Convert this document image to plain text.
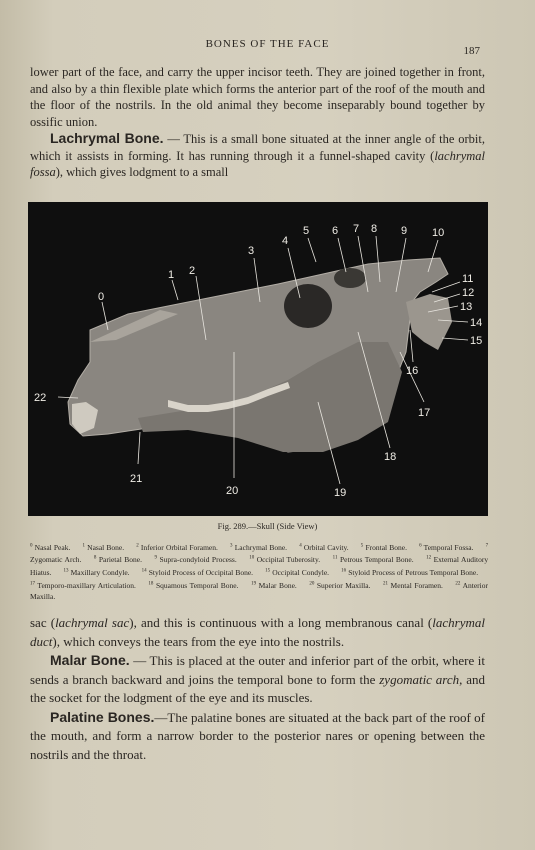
BONES OF THE FACE
187

lower part of the face, and carry the upper incisor teeth. They are joined together in front, and also by a thin flexible plate which forms the anterior part of the roof of the mouth and the floor of the nostrils. In the old animal they become inseparably bound together by ossific union.

Lachrymal Bone. — This is a small bone situated at the inner angle of the orbit, which it assists in forming. It has running through it a funnel-shaped cavity (lachrymal fossa), which gives lodgment to a small

0
1 2
3
4
5 6 7 8 9 10
11
12
13
14
15
16
17
18
19
20
21
22
Fig. 289.—Skull (Side View)
$^0$ Nasal Peak. $^1$ Nasal Bone. $^2$ Inferior Orbital Foramen. $^3$ Lachrymal Bone. $^4$ Orbital Cavity. $^5$ Frontal Bone. $^6$ Temporal Fossa. $^7$ Zygomatic Arch. $^8$ Parietal Bone. $^9$ Supra-condyloid Process. $^{10}$ Occipital Tuberosity. $^{11}$ Petrous Temporal Bone. $^{12}$ External Auditory Hiatus. $^{13}$ Maxillary Condyle. $^{14}$ Styloid Process of Occipital Bone. $^{15}$ Occipital Condyle. $^{16}$ Styloid Process of Petrous Temporal Bone. $^{17}$ Temporo-maxillary Articulation.	$^{18}$ Squamous Temporal Bone.	$^{19}$ Malar Bone.	$^{20}$ Superior Maxilla.	$^{21}$ Mental Foramen.	$^{22}$ Anterior Maxilla.

sac (lachrymal sac), and this is continuous with a long membranous canal (lachrymal duct), which conveys the tears from the eye into the nostrils.

Malar Bone. — This is placed at the outer and inferior part of the orbit, where it sends a branch backward and joins the temporal bone to form the zygomatic arch, and the socket for the lodgment of the eye and its muscles.

Palatine Bones.—The palatine bones are situated at the back part of the roof of the mouth, and form a narrow border to the posterior nares or opening between the nostrils and the throat.
